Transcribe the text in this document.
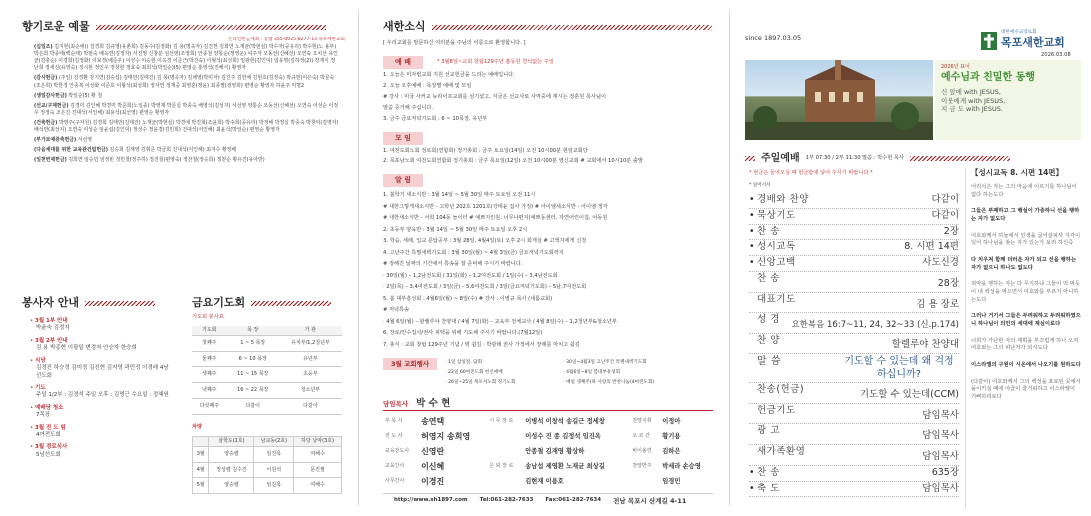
향기로운 예물
온라인헌금계좌 : 농협 355-0025-8277-13 목포새한교회
(십일조) 김지현(최순애)) 김경희 김규영(유춘희) 김동수(김정화) 김 용(명옥자) 김진헌 김희연 노재균(박현심) 박수자(공유리) 박수현(노 용부) 박은희 박종태(백순태) 박천숙 배옥연(김정자) 서진영 신창분 심선영(조영희) 안종철 양통순(정영운) 여주자 오동선(신혜선) 오연숙 오치선 유인균(김충순) 이경희(김정화) 이보경(배준우) 이성수 이승현 이옥경 이준근(박진숙) 이형석(최성희) 임광현(김인덕) 임유명(김하정(2)) 장재식 정난희 정세진(유영숙) 정시현 정인우 정창현 정효숙 최희석(박일순)(5) 편영순 홍영석(진해식) 황영자
(감사헌금) (주일) 김경환 강기연(김승섭) 김태민(김태진) 김 몽(명옥자) 김채영(박미자) 김진주 김한채 김현호(김정숙) 박규헌(이은숙) 박문숙(조은희) 박한경 안종복 이상화 이준호 이형석(최성희) 정자연 정재중 최영훈(정윤) 최종필(정영희) 편영순 황영자 하윤주 익명2
(생일감사헌금) 박일순(5) 황 철
(선교/구제헌금) 김경미 김인혜 박경미 박준희(노일종) 박영재 박문실 박종숙 배영석(김성지) 서선영 양통순 오동선(신혜선) 오연숙 이성순 이정우 정정숙 조은진 진대석(서인해) 최용석(최선영) 편영순 황영자
(건축헌금) 박영주(구자원) 김경희 김태민(김태진) 노재균(박현심) 박경애 박진희(조윤희) 박수희(공유리) 박정해 박정실 박종숙 박창덕(김영자) 배석연(최성지) 오연숙 이성순 임윤섭(김인덕) 정성수 정윤경(김민희) 진대석(서인해) 최윤석(박일순) 편영순 황영자
(부가보예증축헌금) 서선영
(다음세대를 위한 교육관건립헌금) 김승희 김재영 김휘준 박금희 진대석(서인해) 최지수 황정배
(일천번제헌금) 김희연 임승민 임정빈 정민철(정주하) 정진철(편영숙) 정찬철(정승희) 정찬순 황유진(유아반)
봉사자 안내
• 3월 1부 안내
박윤숙 김정자
• 3월 2부 안내
김 용 박종현 이광일 변경자 안승자 한승희
• 식당
김경진 하승정 김미정 김진현 김지영 곽민정 이경래 4남선도회
• 기도
주일 1/2부 : 김경석 주일 오후 : 김명근 수요일 : 정혜원
• 예배당 청소
7목장
• 3월 전 도 팀
4여전도회
• 3월 경로식사
5남선도회
금요기도회
기도회 봉사표
기도회	목 장	가 관
첫째주	1 ~ 5 목장	유치부/1,2청년부
둘째주	6 ~ 10 목장	유년부
셋째주	11 ~ 15 목장	초등부
넷째주	16 ~ 22 목장	청소년부
다섯째주	다같이	다같이
차량
	삼학도(1호)	남교동(2호)	하당 낭악(3호)
3월	양승렬	임진목	여해수
4월	정성렬 김수진	이원석	문진필
5월	양승렬	임진목	여해수
새한소식
[ 우리교회를 방문하신 여러분을 주님의 이름으로 환영합니다. ]
예 배	* 3월8일~교회 창립129주년 홈동원 결석없는 주일
1. 오늘은 미자립교회 지원 선교헌금을 드리는 예배입니다.
2. 오늘 오후예배 : 목장별 예배 및 모임
# 강사 : 미국 사커교 뉴라이프교회를 섬기셨고, 지금은 선교사로 사역중에 계시는 정훈원 목사님이
말씀 증거해 주십니다.
3. 금주 금요저녁기도회 : 6 ~ 10목장, 유년부
모 임
1. 여전도회노회 정로회(연합회) 정기총회 : 금주 토요일(14일) 오전 10시00분 현일교회당
2. 목포남노회 여전도회연합회 정기총회 : 금주 목요일(12일) 오전 10시00분 영신교회 # 교회에서 10시10분 출발
알 림
1. 봄학기 새소식반 : 3월 14일 ~ 5월 30일 매주 토요일 오전 11시
# 새한그렇게새소식반 - 고학년 202호 1201호(강태윤 집사 가정) # 아이엠새소식반 - 아이엠 정자
# 새한새소식반 - 서희 104동 놀이터 # 예쁘지린원, 너무나편지(예쁘동센터, 자연어린이집, 어동원
2. 초등부 양육반 : 3월 14일 ~ 5월 30일 매주 토요일 오후 2시
3. 학습, 세례, 입교 문답공부 : 3월 28일, 4월4일(토) 오후 2시 회개실 # 고액지에게 신청
4. 고난주간 특별새벽기도회 : 3월 30일(월) ~ 4월 3일(금) 금요저녁기도회까지
# 정해진 날짜의 기간에서 특송을 잘 준비해 주시기 바랍니다.
· 30일(월) – 1,2남전도회 / 31일(화) – 1,2여전도회 / 1일(수) – 3,4남전도회
· 2일(목) – 3,4여전도회 / 3일(금) – 5,6여전도회 / 3일(금요저녁기도회) – 5남,7여전도회
5. 봄 대부흥성회 : 4월6일(월) ~ 8일(수) # 강사 : 이병규 목사 (새롬교회)
# 저녁특송
· 4월 6일(월) – 할렐루야 찬양대 / 4월 7일(화) – 교육부 전체교사 / 4월 8일(수) – 1,2청년부&청소년부
6. 장로/안수집사/권사 피택을 위해 기도해 주시기 바랍니다.(7월12일)
7. 총식 : 교회 창립 129주년 기념 / 텍 쉽김 : 박광래 권사 가정에서 장례를 마치고 쉽김
3월 교회행사	· 1일 삼일절, 답회
· 22일 60여전도회 헌신예배
· 26일~25일 목포서노회 정기노회
· 30일~4월3일 고난주간 특별새벽기도회
· 4월6일~8일 봄대부흥성회
· 매일 셋째주(하 사랑의 반찬나눔(4여전도회)
담임목사 박 수 현
부 목 사	송연택	시 무 장 로	이병석 이창석 송길근 정세창	찬양지휘	이정아
전 도 사	허영지 송희영		이성수 진 종 김정석 임진옥	오 르 간	황기용
교육전도사	신영란		안종철 김재영 황상하	바이올린	김하은
교육간사	이신혜	은 퇴 장 로	송남섭 제영환 노재균 최상길	찬양반주	박세라 손승영
사무간사	이경진		김현재 이용호		임경민
http://www.sh1897.com Tel:061-282-7633 Fax:061-282-7634 전남 목포시 산계길 4-11
since 1897.03.05
대한예수교장로회
목포새한교회
2026.03.08
2026년 표어
예수님과 친밀한 동행
신 앞에 with JESUS,
이웃에게 with JESUS,
지 금 도 with JESUS.
주일예배 1부 07:30 / 2부 11:30 말씀 : 박수현 목사
* 현금은 들어오실 때 헌금함에 넣어 주시기 바랍니다 *
* 일어서서
• 경배와 찬양	다같이
• 묵상기도	다같이
• 찬 송	2장
• 성시교독	8. 시편 14편
• 신앙고백	사도신경
찬 송	28장
대표기도	김 용 장로
성 경 요한복음 16:7~11, 24, 32~33 (신.p.174)
찬 양	할렐루야 찬양대
말 씀	기도할 수 있는데 왜 걱정 하십니까?
찬송(헌금)	기도할 수 있는데(CCM)
헌금기도	담임목사
광 고	담임목사
새가족환영	담임목사
• 찬 송	635장
• 축 도	담임목사
【성시교독 8. 시편 14편】
어리석은 자는 그의 마음에 이르기를 하나님이 없다 하는도다
그들은 부패하고 그 행실이 가증하니 선을 행하는 자가 없도다
여호와께서 하늘에서 인생을 굽어살피사 지각이 있어 하나님을 찾는 자가 있는가 보려 하신즉
다 치우쳐 함께 더러운 자가 되고 선을 행하는 자가 없으니 하나도 없도다
죄악을 행하는 자는 다 무지하냐 그들이 떡 먹듯이 내 백성을 먹으면서 여호와를 부르지 아니하는도다
그러나 거기서 그들은 두려워하고 두려워하였으니 하나님이 의인의 세대에 계심이로다
너희가 가난한 자의 계획을 부끄럽게 하나 오직 여호와는 그의 피난처가 되시도다
이스라엘의 구원이 시온에서 나오기를 원하도다
(다같이) 여호와께서 그의 백성을 포로된 곳에서 돌이키실 때에 야곱이 즐거워하고 이스라엘이 기뻐하리로다
